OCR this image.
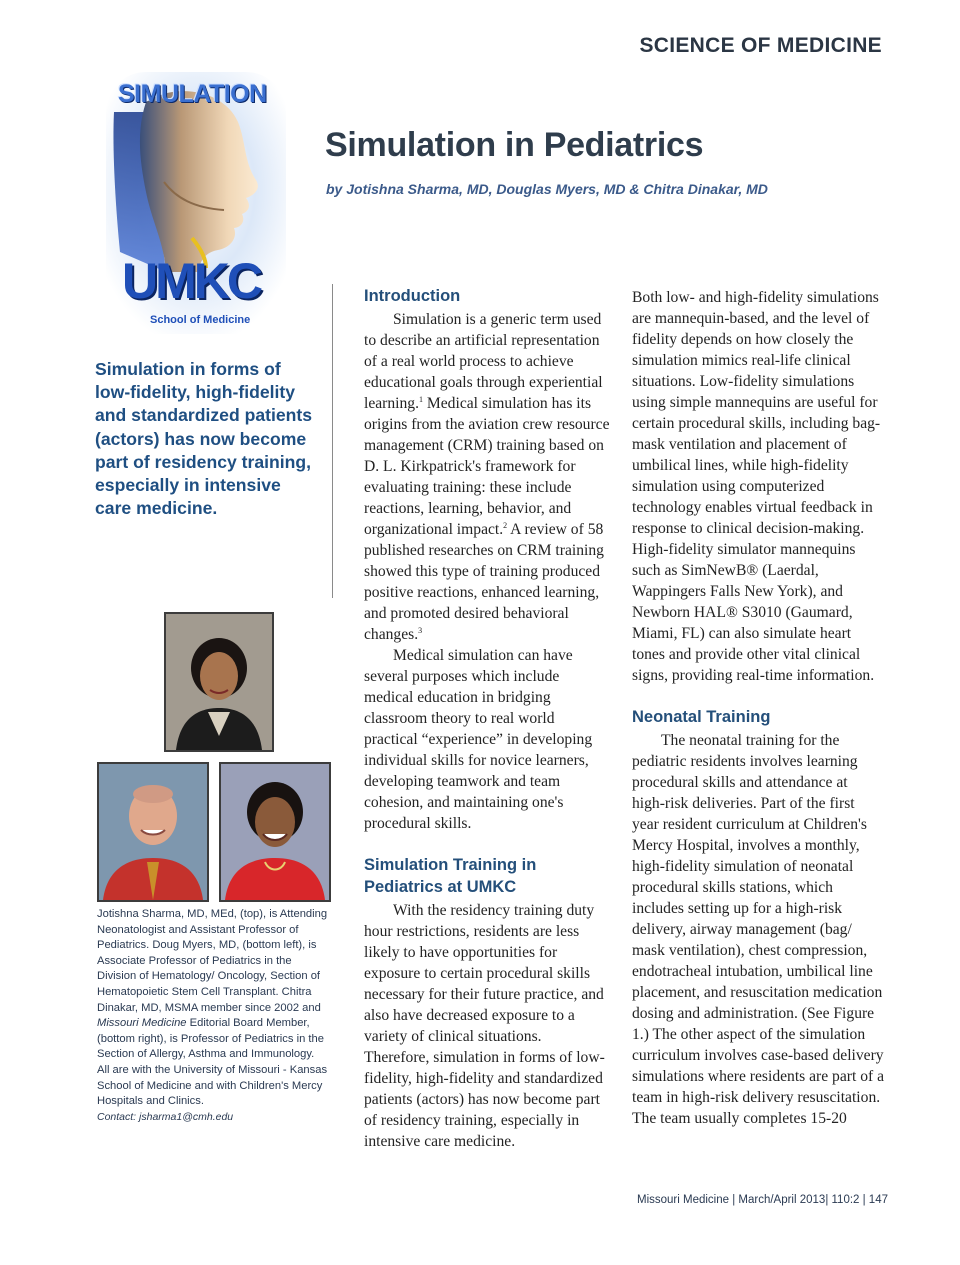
SCIENCE OF MEDICINE
SIMULATION
UMKC
School of Medicine
Simulation in Pediatrics
by Jotishna Sharma, MD, Douglas Myers, MD & Chitra Dinakar, MD
Simulation in forms of low-fidelity, high-fidelity and standardized patients (actors) has now become part of residency training, especially in intensive care medicine.
Jotishna Sharma, MD, MEd, (top), is Attending Neonatologist and Assistant Professor of Pediatrics. Doug Myers, MD, (bottom left), is Associate Professor of Pediatrics in the Division of Hematology/ Oncology, Section of Hematopoietic Stem Cell Transplant. Chitra Dinakar, MD, MSMA member since 2002 and Missouri Medicine Editorial Board Member, (bottom right), is Professor of Pediatrics in the Section of Allergy, Asthma and Immunology. All are with the University of Missouri - Kansas School of Medicine and with Children's Mercy Hospitals and Clinics.
Contact: jsharma1@cmh.edu
Introduction

Simulation is a generic term used to describe an artificial representation of a real world process to achieve educational goals through experiential learning.$^1$ Medical simulation has its origins from the aviation crew resource management (CRM) training based on D. L. Kirkpatrick's framework for evaluating training: these include reactions, learning, behavior, and organizational impact.$^2$ A review of 58 published researches on CRM training showed this type of training produced positive reactions, enhanced learning, and promoted desired behavioral changes.$^3$

Medical simulation can have several purposes which include medical education in bridging classroom theory to real world practical “experience” in developing individual skills for novice learners, developing teamwork and team cohesion, and maintaining one's procedural skills.

Simulation Training in Pediatrics at UMKC

With the residency training duty hour restrictions, residents are less likely to have opportunities for exposure to certain procedural skills necessary for their future practice, and also have decreased exposure to a variety of clinical situations. Therefore, simulation in forms of low-fidelity, high-fidelity and standardized patients (actors) has now become part of residency training, especially in intensive care medicine.

Both low- and high-fidelity simulations are mannequin-based, and the level of fidelity depends on how closely the simulation mimics real-life clinical situations. Low-fidelity simulations using simple mannequins are useful for certain procedural skills, including bag-mask ventilation and placement of umbilical lines, while high-fidelity simulation using computerized technology enables virtual feedback in response to clinical decision-making. High-fidelity simulator mannequins such as SimNewB® (Laerdal, Wappingers Falls New York), and Newborn HAL® S3010 (Gaumard, Miami, FL) can also simulate heart tones and provide other vital clinical signs, providing real-time information.

Neonatal Training

The neonatal training for the pediatric residents involves learning procedural skills and attendance at high-risk deliveries. Part of the first year resident curriculum at Children's Mercy Hospital, involves a monthly, high-fidelity simulation of neonatal procedural skills stations, which includes setting up for a high-risk delivery, airway management (bag/ mask ventilation), chest compression, endotracheal intubation, umbilical line placement, and resuscitation medication dosing and administration. (See Figure 1.) The other aspect of the simulation curriculum involves case-based delivery simulations where residents are part of a team in high-risk delivery resuscitation. The team usually completes 15-20

Missouri Medicine | March/April 2013| 110:2 | 147
